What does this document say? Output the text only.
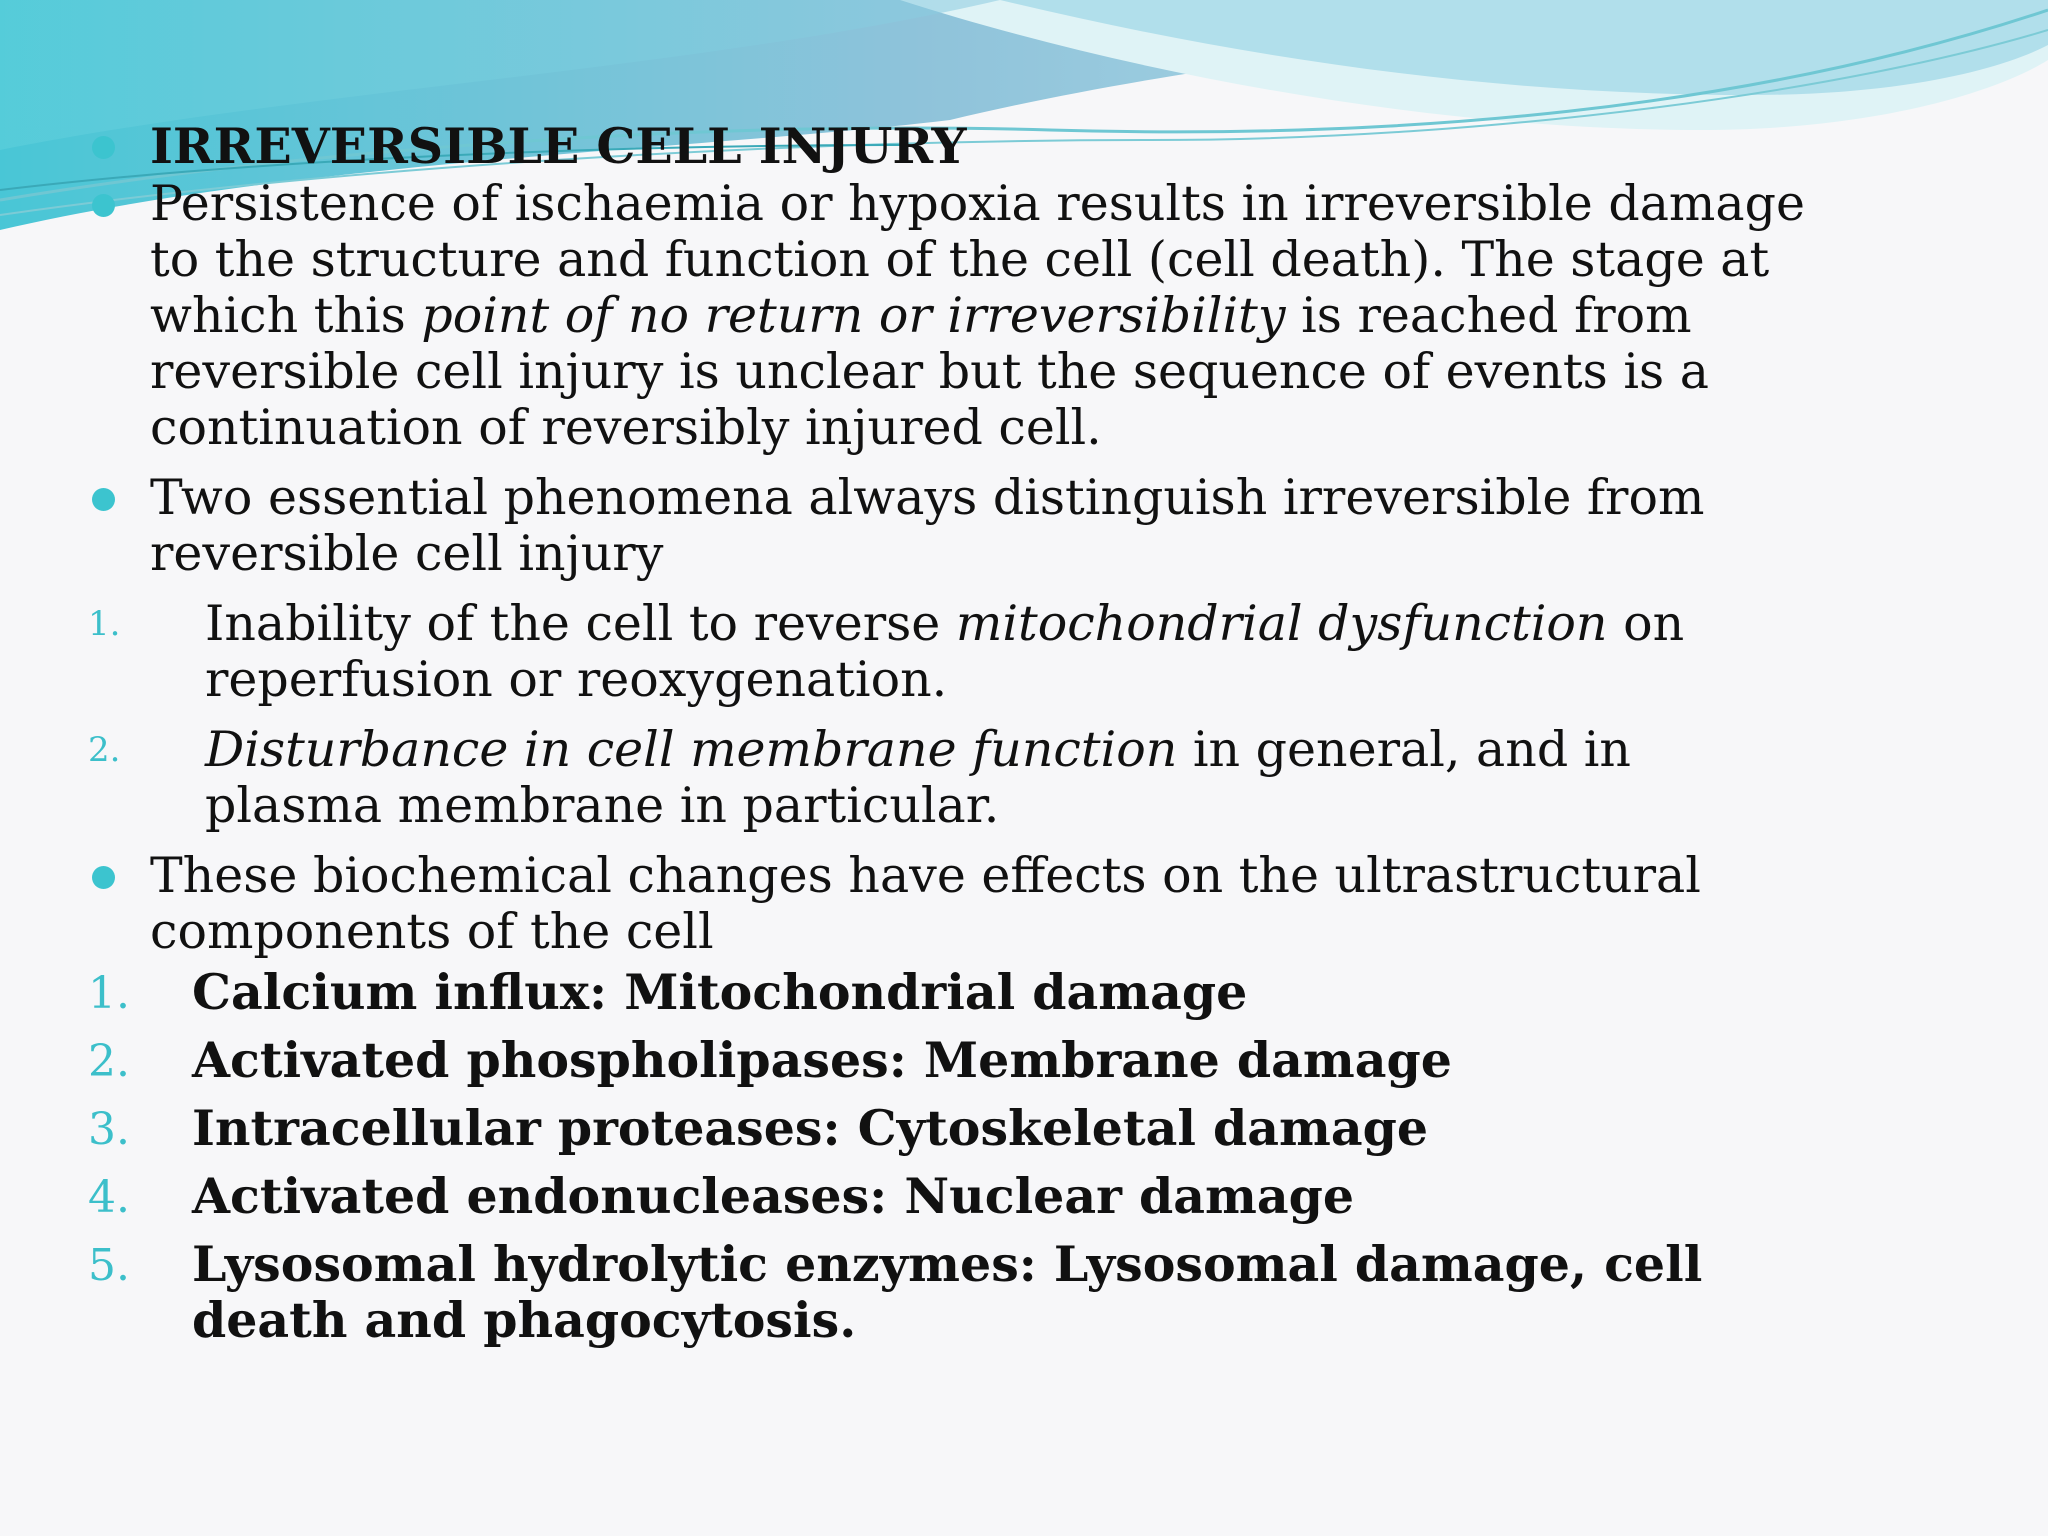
IRREVERSIBLE CELL INJURY
Persistence of ischaemia or hypoxia results in irreversible damage to the structure and function of the cell (cell death). The stage at which this point of no return or irreversibility is reached from reversible cell injury is unclear but the sequence of events is a continuation of reversibly injured cell.
Two essential phenomena always distinguish irreversible from reversible cell injury
1. Inability of the cell to reverse mitochondrial dysfunction on reperfusion or reoxygenation.
2. Disturbance in cell membrane function in general, and in plasma membrane in particular.
These biochemical changes have effects on the ultrastructural components of the cell
1. Calcium influx: Mitochondrial damage
2. Activated phospholipases: Membrane damage
3. Intracellular proteases: Cytoskeletal damage
4. Activated endonucleases: Nuclear damage
5. Lysosomal hydrolytic enzymes: Lysosomal damage, cell death and phagocytosis.
